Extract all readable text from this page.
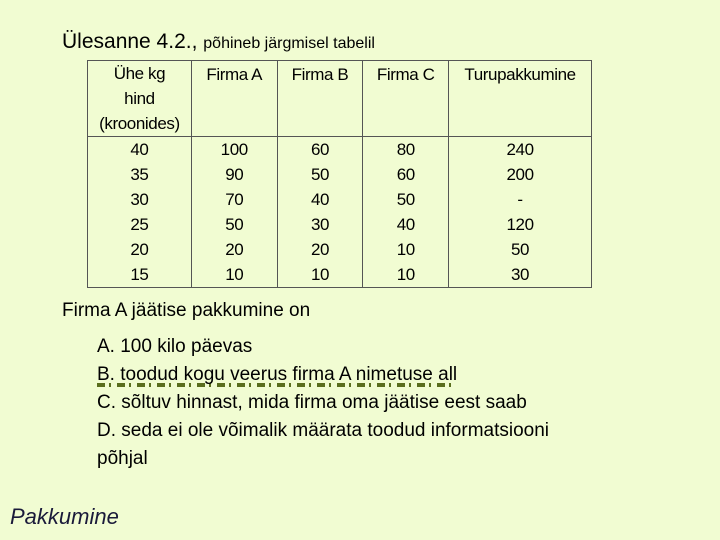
Ülesanne 4.2., põhineb järgmisel tabelil
Ühe kg
hind
(kroonides)	Firma A	Firma B	Firma C	Turupakkumine
40	100	60	80	240
35	90	50	60	200
30	70	40	50	-
25	50	30	40	120
20	20	20	10	50
15	10	10	10	30
Firma A jäätise pakkumine on
A. 100 kilo päevas
B. toodud kogu veerus firma A nimetuse all
C. sõltuv hinnast, mida firma oma jäätise eest saab
D. seda ei ole võimalik määrata toodud informatsiooni
põhjal
Pakkumine
